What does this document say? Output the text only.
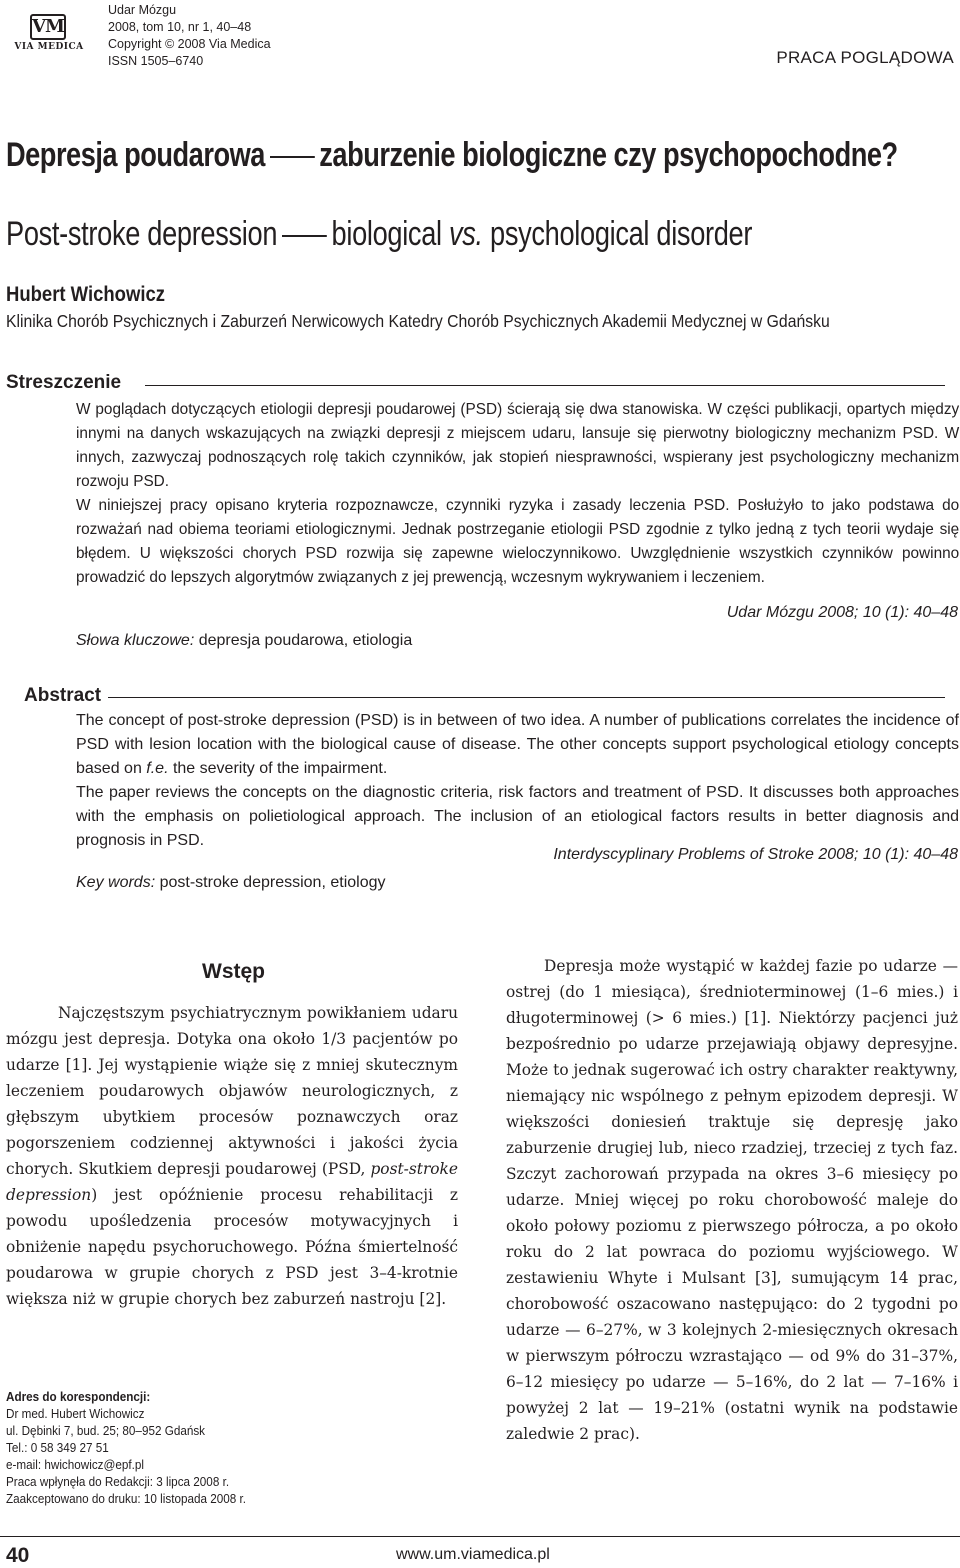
VM
VIA MEDICA
Udar Mózgu
2008, tom 10, nr 1, 40–48
Copyright © 2008 Via Medica
ISSN 1505–6740	PRACA POGLĄDOWA
Depresja poudarowa zaburzenie biologiczne czy psychopochodne?
Post-stroke depression biological vs. psychological disorder
Hubert Wichowicz
Klinika Chorób Psychicznych i Zaburzeń Nerwicowych Katedry Chorób Psychicznych Akademii Medycznej w Gdańsku
Streszczenie

W poglądach dotyczących etiologii depresji poudarowej (PSD) ścierają się dwa stanowiska. W części publikacji, opartych między innymi na danych wskazujących na związki depresji z miejscem udaru, lansuje się pierwotny biologiczny mechanizm PSD. W innych, zazwyczaj podnoszących rolę takich czynników, jak stopień niesprawności, wspierany jest psychologiczny mechanizm rozwoju PSD.

W niniejszej pracy opisano kryteria rozpoznawcze, czynniki ryzyka i zasady leczenia PSD. Posłużyło to jako podstawa do rozważań nad obiema teoriami etiologicznymi. Jednak postrzeganie etiologii PSD zgodnie z tylko jedną z tych teorii wydaje się błędem. U większości chorych PSD rozwija się zapewne wieloczynnikowo. Uwzględnienie wszystkich czynników powinno prowadzić do lepszych algorytmów związanych z jej prewencją, wczesnym wykrywaniem i leczeniem.

Udar Mózgu 2008; 10 (1): 40–48
Słowa kluczowe: depresja poudarowa, etiologia
Abstract

The concept of post-stroke depression (PSD) is in between of two idea. A number of publications correlates the incidence of PSD with lesion location with the biological cause of disease. The other concepts support psychological etiology concepts based on f.e. the severity of the impairment.

The paper reviews the concepts on the diagnostic criteria, risk factors and treatment of PSD. It discusses both approaches with the emphasis on polietiological approach. The inclusion of an etiological factors results in better diagnosis and prognosis in PSD.

Interdyscyplinary Problems of Stroke 2008; 10 (1): 40–48
Key words: post-stroke depression, etiology
Wstęp

Najczęstszym psychiatrycznym powikłaniem udaru mózgu jest depresja. Dotyka ona około 1/3 pacjentów po udarze [1]. Jej wystąpienie wiąże się z mniej skutecznym leczeniem poudarowych objawów neurologicznych, z głębszym ubytkiem procesów poznawczych oraz pogorszeniem codziennej aktywności i jakości życia chorych. Skutkiem depresji poudarowej (PSD, post-stroke depression) jest opóźnienie procesu rehabilitacji z powodu upośledzenia procesów motywacyjnych i obniżenie napędu psychoruchowego. Późna śmiertelność poudarowa w grupie chorych z PSD jest 3–4-krotnie większa niż w grupie chorych bez zaburzeń nastroju [2].

Depresja może wystąpić w każdej fazie po udarze — ostrej (do 1 miesiąca), średnioterminowej (1–6 mies.) i długoterminowej (> 6 mies.) [1]. Niektórzy pacjenci już bezpośrednio po udarze przejawiają objawy depresyjne. Może to jednak sugerować ich ostry charakter reaktywny, niemający nic wspólnego z pełnym epizodem depresji. W większości doniesień traktuje się depresję jako zaburzenie drugiej lub, nieco rzadziej, trzeciej z tych faz. Szczyt zachorowań przypada na okres 3–6 miesięcy po udarze. Mniej więcej po roku chorobowość maleje do około połowy poziomu z pierwszego półrocza, a po około roku do 2 lat powraca do poziomu wyjściowego. W zestawieniu Whyte i Mulsant [3], sumującym 14 prac, chorobowość oszacowano następująco: do 2 tygodni po udarze — 6–27%, w 3 kolejnych 2-miesięcznych okresach w pierwszym półroczu wzrastająco — od 9% do 31–37%, 6–12 miesięcy po udarze — 5–16%, do 2 lat — 7–16% i powyżej 2 lat — 19–21% (ostatni wynik na podstawie zaledwie 2 prac).

Adres do korespondencji:
Dr med. Hubert Wichowicz
ul. Dębinki 7, bud. 25; 80–952 Gdańsk
Tel.: 0 58 349 27 51
e-mail: hwichowicz@epf.pl
Praca wpłynęła do Redakcji: 3 lipca 2008 r.
Zaakceptowano do druku: 10 listopada 2008 r.
40	www.um.viamedica.pl
